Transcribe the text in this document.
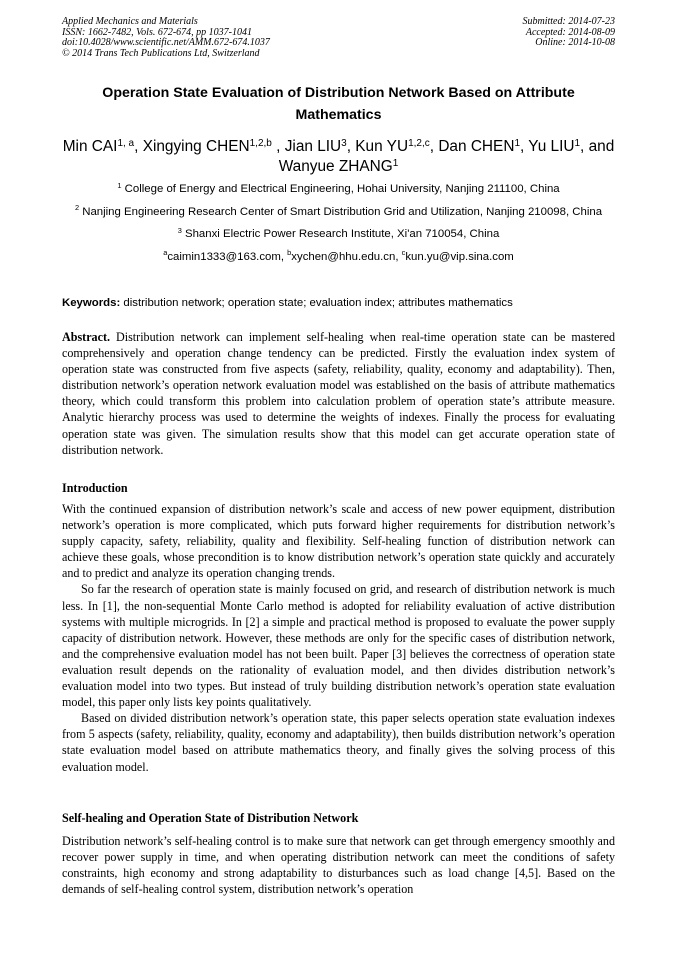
Applied Mechanics and Materials
ISSN: 1662-7482, Vols. 672-674, pp 1037-1041
doi:10.4028/www.scientific.net/AMM.672-674.1037
© 2014 Trans Tech Publications Ltd, Switzerland
Submitted: 2014-07-23
Accepted: 2014-08-09
Online: 2014-10-08
Operation State Evaluation of Distribution Network Based on Attribute Mathematics
Min CAI$^{1, a}$, Xingying CHEN$^{1,2,b}$ , Jian LIU$^3$, Kun YU$^{1,2,c}$, Dan CHEN$^1$, Yu LIU$^1$, and Wanyue ZHANG$^1$

$^1$ College of Energy and Electrical Engineering, Hohai University, Nanjing 211100, China

$^2$ Nanjing Engineering Research Center of Smart Distribution Grid and Utilization, Nanjing 210098, China

$^3$ Shanxi Electric Power Research Institute, Xi'an 710054, China

$^a$caimin1333@163.com, $^b$xychen@hhu.edu.cn, $^c$kun.yu@vip.sina.com

Keywords: distribution network; operation state; evaluation index; attributes mathematics

Abstract. Distribution network can implement self-healing when real-time operation state can be mastered comprehensively and operation change tendency can be predicted. Firstly the evaluation index system of operation state was constructed from five aspects (safety, reliability, quality, economy and adaptability). Then, distribution network’s operation network evaluation model was established on the basis of attribute mathematics theory, which could transform this problem into calculation problem of operation state’s attribute measure. Analytic hierarchy process was used to determine the weights of indexes. Finally the process for evaluating operation state was given. The simulation results show that this model can get accurate operation state of distribution network.

Introduction

With the continued expansion of distribution network’s scale and access of new power equipment, distribution network’s operation is more complicated, which puts forward higher requirements for distribution network’s supply capacity, safety, reliability, quality and flexibility. Self-healing function of distribution network can achieve these goals, whose precondition is to know distribution network’s operation state quickly and accurately and to predict and analyze its operation changing trends.

So far the research of operation state is mainly focused on grid, and research of distribution network is much less. In [1], the non-sequential Monte Carlo method is adopted for reliability evaluation of active distribution systems with multiple microgrids. In [2] a simple and practical method is proposed to evaluate the power supply capacity of distribution network. However, these methods are only for the specific cases of distribution network, and the comprehensive evaluation model has not been built. Paper [3] believes the correctness of operation state evaluation result depends on the rationality of evaluation model, and then divides distribution network’s evaluation model into two types. But instead of truly building distribution network’s operation state evaluation model, this paper only lists key points qualitatively.

Based on divided distribution network’s operation state, this paper selects operation state evaluation indexes from 5 aspects (safety, reliability, quality, economy and adaptability), then builds distribution network’s operation state evaluation model based on attribute mathematics theory, and finally gives the solving process of this evaluation model.

Self-healing and Operation State of Distribution Network

Distribution network’s self-healing control is to make sure that network can get through emergency smoothly and recover power supply in time, and when operating distribution network can meet the conditions of safety constraints, high economy and strong adaptability to disturbances such as load change [4,5]. Based on the demands of self-healing control system, distribution network’s operation
